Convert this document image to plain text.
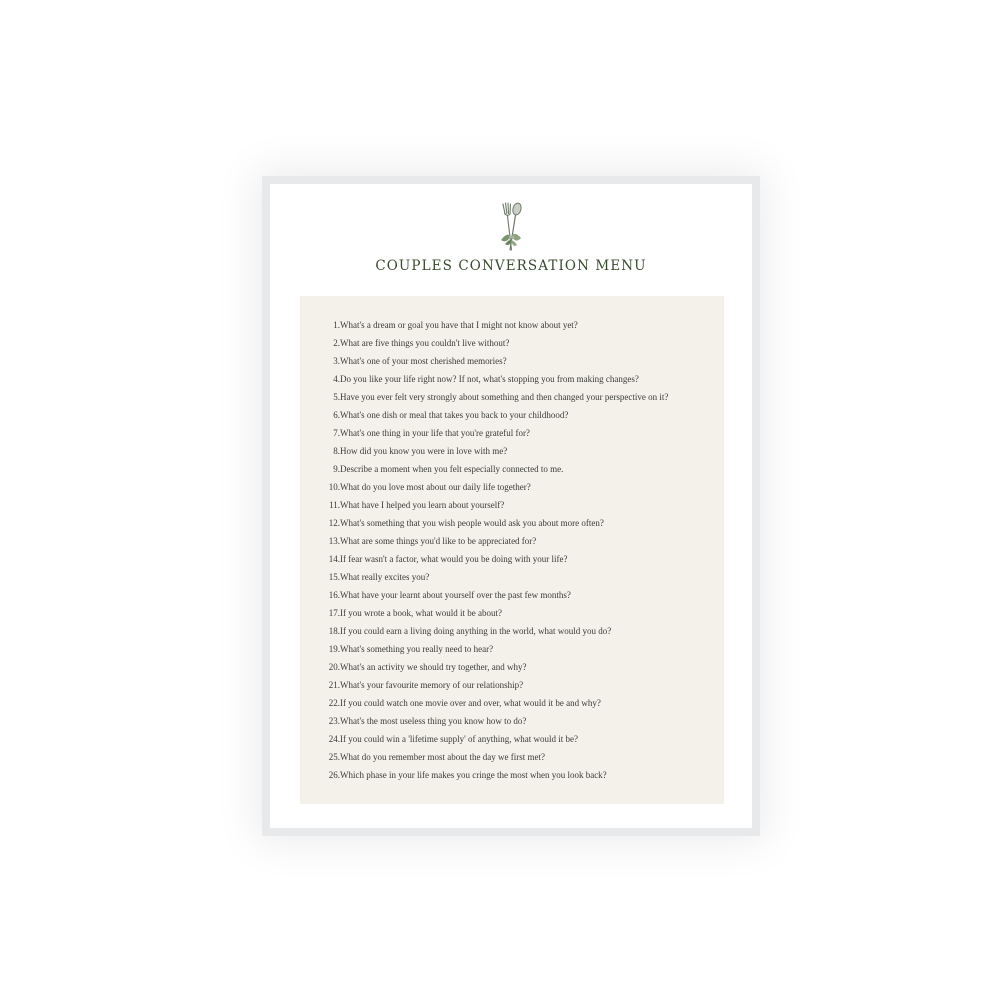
COUPLES CONVERSATION MENU
1. What's a dream or goal you have that I might not know about yet?
2. What are five things you couldn't live without?
3. What's one of your most cherished memories?
4. Do you like your life right now? If not, what's stopping you from making changes?
5. Have you ever felt very strongly about something and then changed your perspective on it?
6. What's one dish or meal that takes you back to your childhood?
7. What's one thing in your life that you're grateful for?
8. How did you know you were in love with me?
9. Describe a moment when you felt especially connected to me.
10. What do you love most about our daily life together?
11. What have I helped you learn about yourself?
12. What's something that you wish people would ask you about more often?
13. What are some things you'd like to be appreciated for?
14. If fear wasn't a factor, what would you be doing with your life?
15. What really excites you?
16. What have your learnt about yourself over the past few months?
17. If you wrote a book, what would it be about?
18. If you could earn a living doing anything in the world, what would you do?
19. What's something you really need to hear?
20. What's an activity we should try together, and why?
21. What's your favourite memory of our relationship?
22. If you could watch one movie over and over, what would it be and why?
23. What's the most useless thing you know how to do?
24. If you could win a 'lifetime supply' of anything, what would it be?
25. What do you remember most about the day we first met?
26. Which phase in your life makes you cringe the most when you look back?
